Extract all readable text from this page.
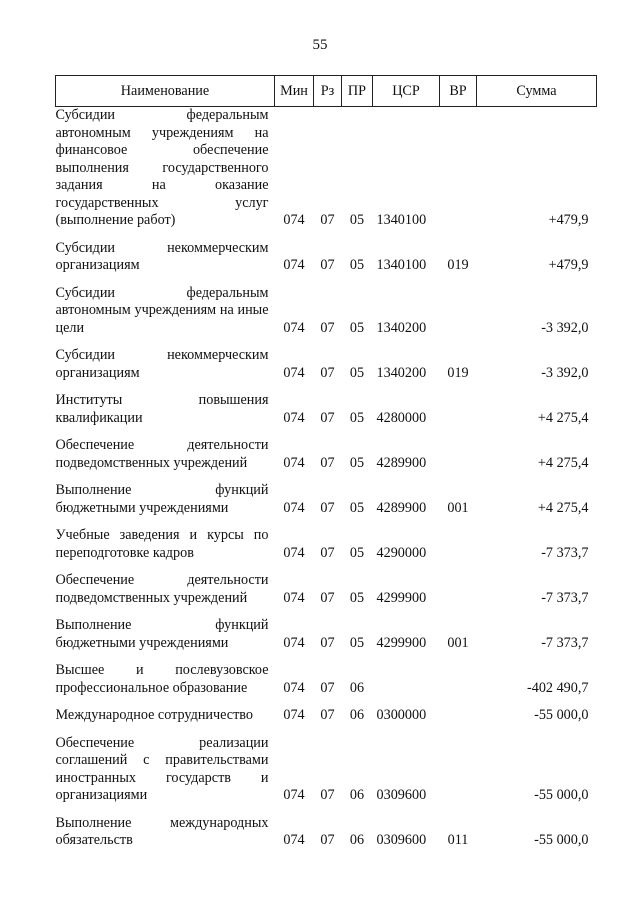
55
Наименование	Мин	Рз	ПР	ЦСР	ВР	Сумма
Субсидии федеральным автономным учреждениям на финансовое обеспечение выполнения государственного задания на оказание государственных услуг (выполнение работ)	074	07	05	1340100		+479,9
Субсидии некоммерческим организациям	074	07	05	1340100	019	+479,9
Субсидии федеральным автономным учреждениям на иные цели	074	07	05	1340200		-3 392,0
Субсидии некоммерческим организациям	074	07	05	1340200	019	-3 392,0
Институты повышения квалификации	074	07	05	4280000		+4 275,4
Обеспечение деятельности подведомственных учреждений	074	07	05	4289900		+4 275,4
Выполнение функций бюджетными учреждениями	074	07	05	4289900	001	+4 275,4
Учебные заведения и курсы по переподготовке кадров	074	07	05	4290000		-7 373,7
Обеспечение деятельности подведомственных учреждений	074	07	05	4299900		-7 373,7
Выполнение функций бюджетными учреждениями	074	07	05	4299900	001	-7 373,7
Высшее и послевузовское профессиональное образование	074	07	06			-402 490,7
Международное сотрудничество	074	07	06	0300000		-55 000,0
Обеспечение реализации соглашений с правительствами иностранных государств и организациями	074	07	06	0309600		-55 000,0
Выполнение международных обязательств	074	07	06	0309600	011	-55 000,0
